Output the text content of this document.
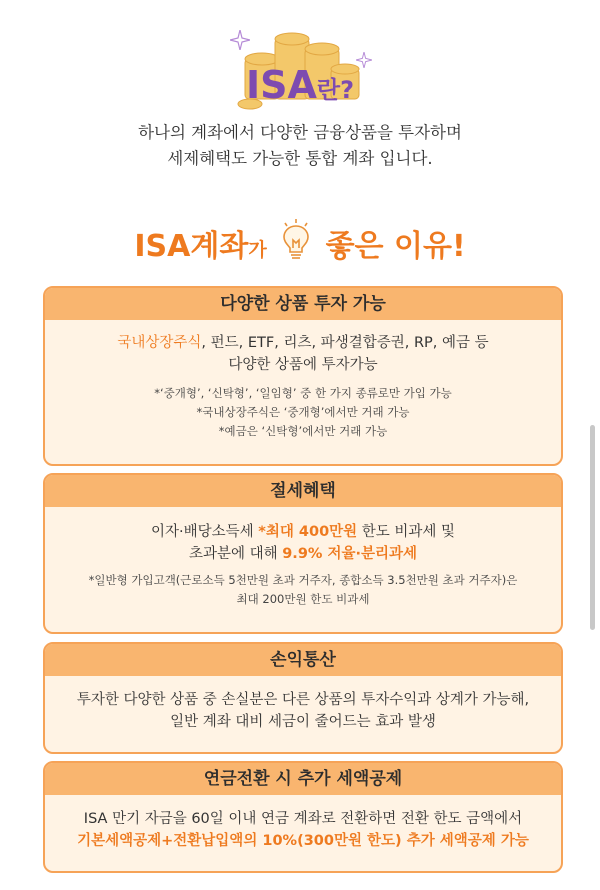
ISA란?
하나의 계좌에서 다양한 금융상품을 투자하며
세제혜택도 가능한 통합 계좌 입니다.
ISA계좌가 좋은 이유!
다양한 상품 투자 가능
국내상장주식, 펀드, ETF, 리츠, 파생결합증권, RP, 예금 등
다양한 상품에 투자가능
*‘중개형’, ‘신탁형’, ‘일임형’ 중 한 가지 종류로만 가입 가능
*국내상장주식은 ‘중개형’에서만 거래 가능
*예금은 ‘신탁형’에서만 거래 가능
절세혜택
이자·배당소득세 *최대 400만원 한도 비과세 및
초과분에 대해 9.9% 저율·분리과세
*일반형 가입고객(근로소득 5천만원 초과 거주자, 종합소득 3.5천만원 초과 거주자)은
최대 200만원 한도 비과세
손익통산
투자한 다양한 상품 중 손실분은 다른 상품의 투자수익과 상계가 가능해,
일반 계좌 대비 세금이 줄어드는 효과 발생
연금전환 시 추가 세액공제
ISA 만기 자금을 60일 이내 연금 계좌로 전환하면 전환 한도 금액에서
기본세액공제+전환납입액의 10%(300만원 한도) 추가 세액공제 가능
